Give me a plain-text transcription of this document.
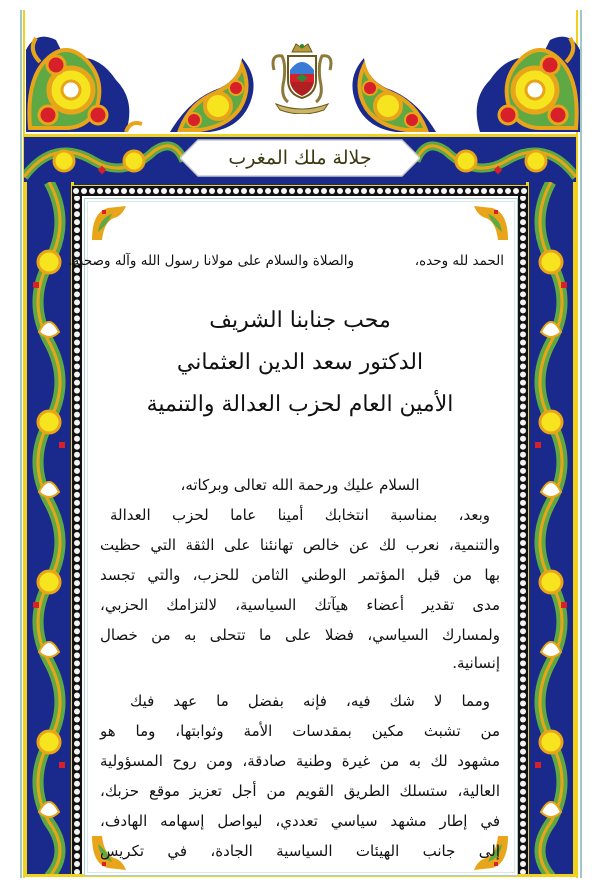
جلالة ملك المغرب
الحمد لله وحده،
والصلاة والسلام على مولانا رسول الله وآله وصحبه.
محب جنابنا الشريف
الدكتور سعد الدين العثماني
الأمين العام لحزب العدالة والتنمية
السلام عليك ورحمة الله تعالى وبركاته،
وبعد، بمناسبة انتخابك أمينا عاما لحزب العدالة
والتنمية، نعرب لك عن خالص تهانئنا على الثقة التي حظيت
بها من قبل المؤتمر الوطني الثامن للحزب، والتي تجسد
مدى تقدير أعضاء هيآتك السياسية، لالتزامك الحزبي،
ولمسارك السياسي، فضلا على ما تتحلى به من خصال
إنسانية.
ومما لا شك فيه، فإنه بفضل ما عهد فيك
من تشبث مكين بمقدسات الأمة وثوابتها، وما هو
مشهود لك به من غيرة وطنية صادقة، ومن روح المسؤولية
العالية، ستسلك الطريق القويم من أجل تعزيز موقع حزبك،
في إطار مشهد سياسي تعددي، ليواصل إسهامه الهادف،
إلى جانب الهيئات السياسية الجادة، في تكريس
